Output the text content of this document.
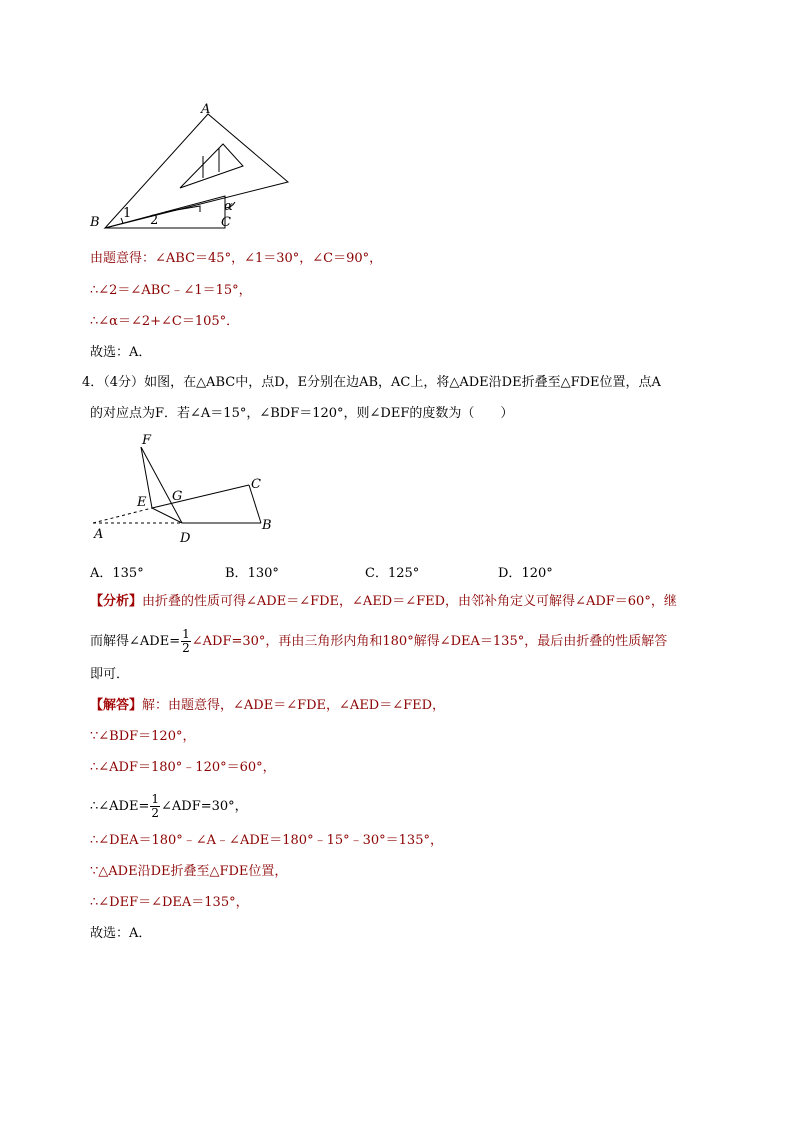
A
B	C
α
1 2
由题意得：∠ABC＝45°，∠1＝30°，∠C＝90°，
∴∠2＝∠ABC﹣∠1＝15°，
∴∠α＝∠2+∠C＝105°．
故选：A．
4．（4分）如图，在△ABC中，点D，E分别在边AB，AC上，将△ADE沿DE折叠至△FDE位置，点A
的对应点为F．若∠A＝15°，∠BDF＝120°，则∠DEF的度数为（　　）
F
E G
C
A	D
B
A．135°	B．130°	C．125°	D．120°
【分析】由折叠的性质可得∠ADE＝∠FDE，∠AED＝∠FED，由邻补角定义可解得∠ADF＝60°，继
而解得∠ADE= $\frac{1}{2}$ ∠ADF=30°，再由三角形内角和180°解得∠DEA＝135°，最后由折叠的性质解答
即可．
【解答】解：由题意得，∠ADE＝∠FDE，∠AED＝∠FED，
∵∠BDF＝120°，
∴∠ADF＝180°﹣120°＝60°，
∴∠ADE= $\frac{1}{2}$ ∠ADF=30°，
∴∠DEA＝180°﹣∠A﹣∠ADE＝180°﹣15°﹣30°＝135°，
∵△ADE沿DE折叠至△FDE位置，
∴∠DEF＝∠DEA＝135°，
故选：A．
